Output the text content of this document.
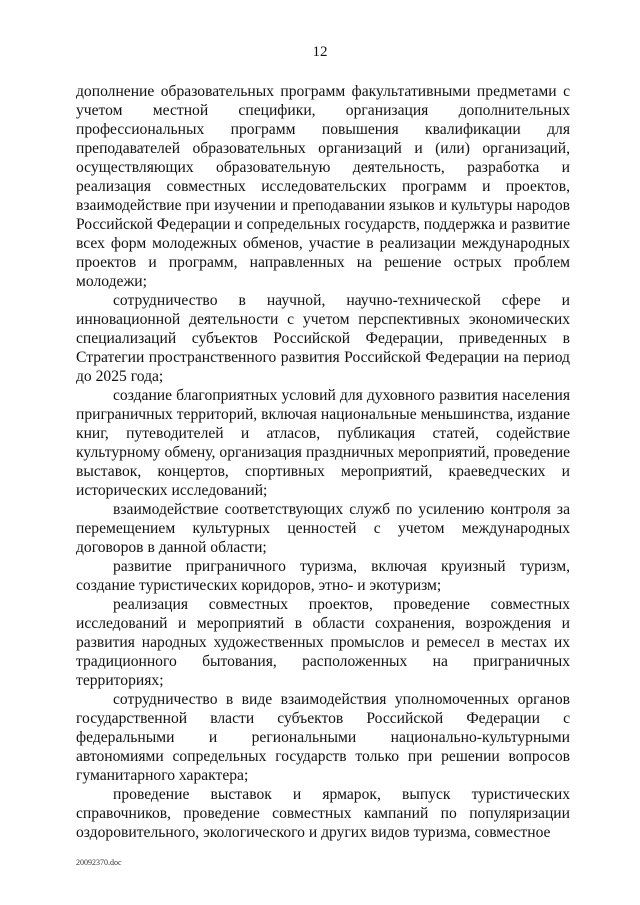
12

дополнение образовательных программ факультативными предметами с учетом местной специфики, организация дополнительных профессиональных программ повышения квалификации для преподавателей образовательных организаций и (или) организаций, осуществляющих образовательную деятельность, разработка и реализация совместных исследовательских программ и проектов, взаимодействие при изучении и преподавании языков и культуры народов Российской Федерации и сопредельных государств, поддержка и развитие всех форм молодежных обменов, участие в реализации международных проектов и программ, направленных на решение острых проблем молодежи;

сотрудничество в научной, научно-технической сфере и инновационной деятельности с учетом перспективных экономических специализаций субъектов Российской Федерации, приведенных в Стратегии пространственного развития Российской Федерации на период до 2025 года;

создание благоприятных условий для духовного развития населения приграничных территорий, включая национальные меньшинства, издание книг, путеводителей и атласов, публикация статей, содействие культурному обмену, организация праздничных мероприятий, проведение выставок, концертов, спортивных мероприятий, краеведческих и исторических исследований;

взаимодействие соответствующих служб по усилению контроля за перемещением культурных ценностей с учетом международных договоров в данной области;

развитие приграничного туризма, включая круизный туризм, создание туристических коридоров, этно- и экотуризм;

реализация совместных проектов, проведение совместных исследований и мероприятий в области сохранения, возрождения и развития народных художественных промыслов и ремесел в местах их традиционного бытования, расположенных на приграничных территориях;

сотрудничество в виде взаимодействия уполномоченных органов государственной власти субъектов Российской Федерации с федеральными и региональными национально-культурными автономиями сопредельных государств только при решении вопросов гуманитарного характера;

проведение выставок и ярмарок, выпуск туристических справочников, проведение совместных кампаний по популяризации оздоровительного, экологического и других видов туризма, совместное

20092370.doc
